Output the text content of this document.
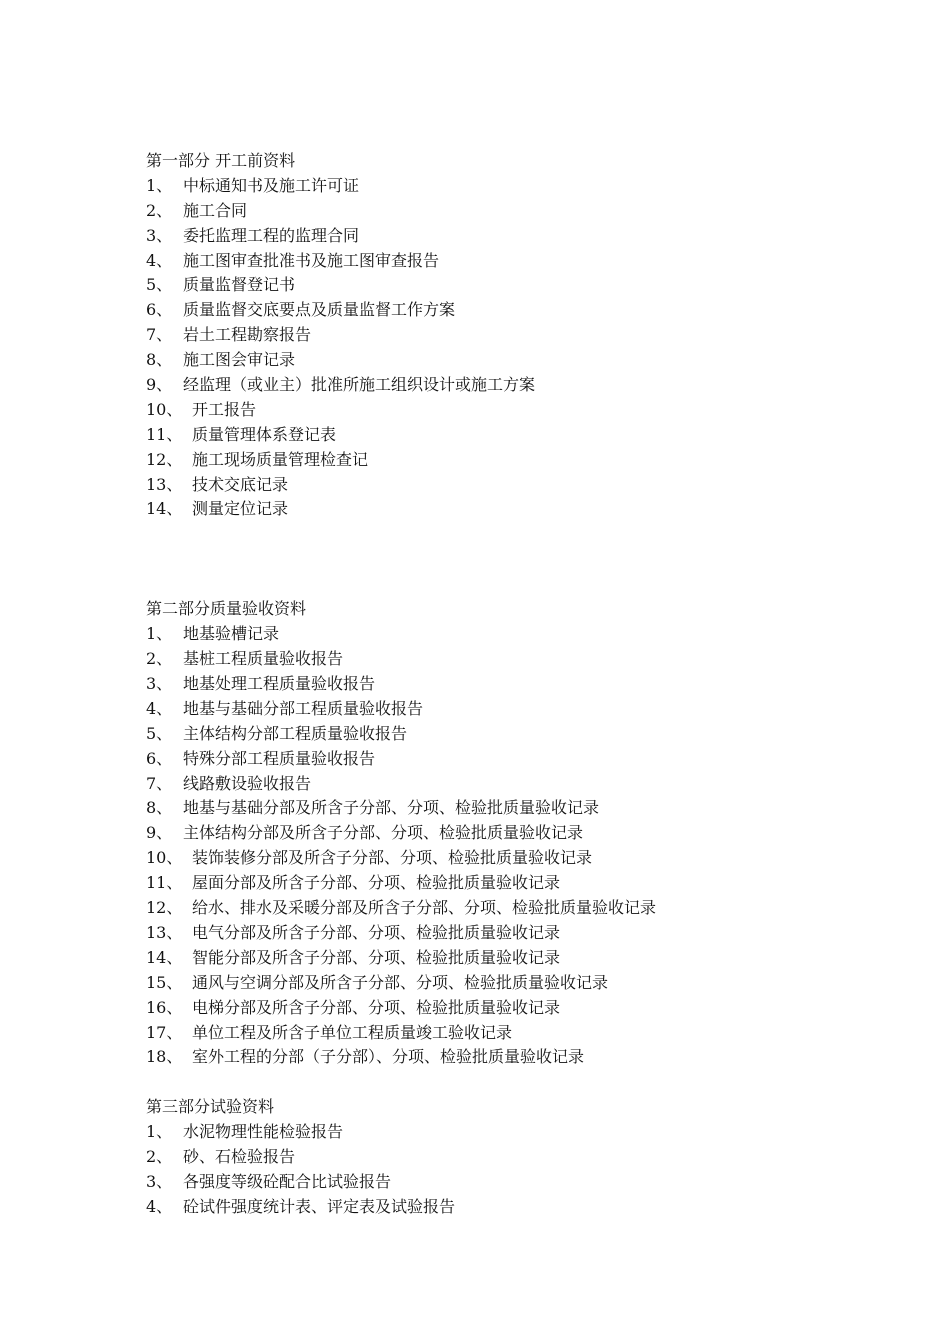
第一部分 开工前资料
1、 中标通知书及施工许可证
2、 施工合同
3、 委托监理工程的监理合同
4、 施工图审查批准书及施工图审查报告
5、 质量监督登记书
6、 质量监督交底要点及质量监督工作方案
7、 岩土工程勘察报告
8、 施工图会审记录
9、 经监理（或业主）批准所施工组织设计或施工方案
10、 开工报告
11、 质量管理体系登记表
12、 施工现场质量管理检查记
13、 技术交底记录
14、 测量定位记录
第二部分质量验收资料
1、 地基验槽记录
2、 基桩工程质量验收报告
3、 地基处理工程质量验收报告
4、 地基与基础分部工程质量验收报告
5、 主体结构分部工程质量验收报告
6、 特殊分部工程质量验收报告
7、 线路敷设验收报告
8、 地基与基础分部及所含子分部、分项、检验批质量验收记录
9、 主体结构分部及所含子分部、分项、检验批质量验收记录
10、 装饰装修分部及所含子分部、分项、检验批质量验收记录
11、 屋面分部及所含子分部、分项、检验批质量验收记录
12、 给水、排水及采暖分部及所含子分部、分项、检验批质量验收记录
13、 电气分部及所含子分部、分项、检验批质量验收记录
14、 智能分部及所含子分部、分项、检验批质量验收记录
15、 通风与空调分部及所含子分部、分项、检验批质量验收记录
16、 电梯分部及所含子分部、分项、检验批质量验收记录
17、 单位工程及所含子单位工程质量竣工验收记录
18、 室外工程的分部（子分部）、分项、检验批质量验收记录
第三部分试验资料
1、 水泥物理性能检验报告
2、 砂、石检验报告
3、 各强度等级砼配合比试验报告
4、 砼试件强度统计表、评定表及试验报告
